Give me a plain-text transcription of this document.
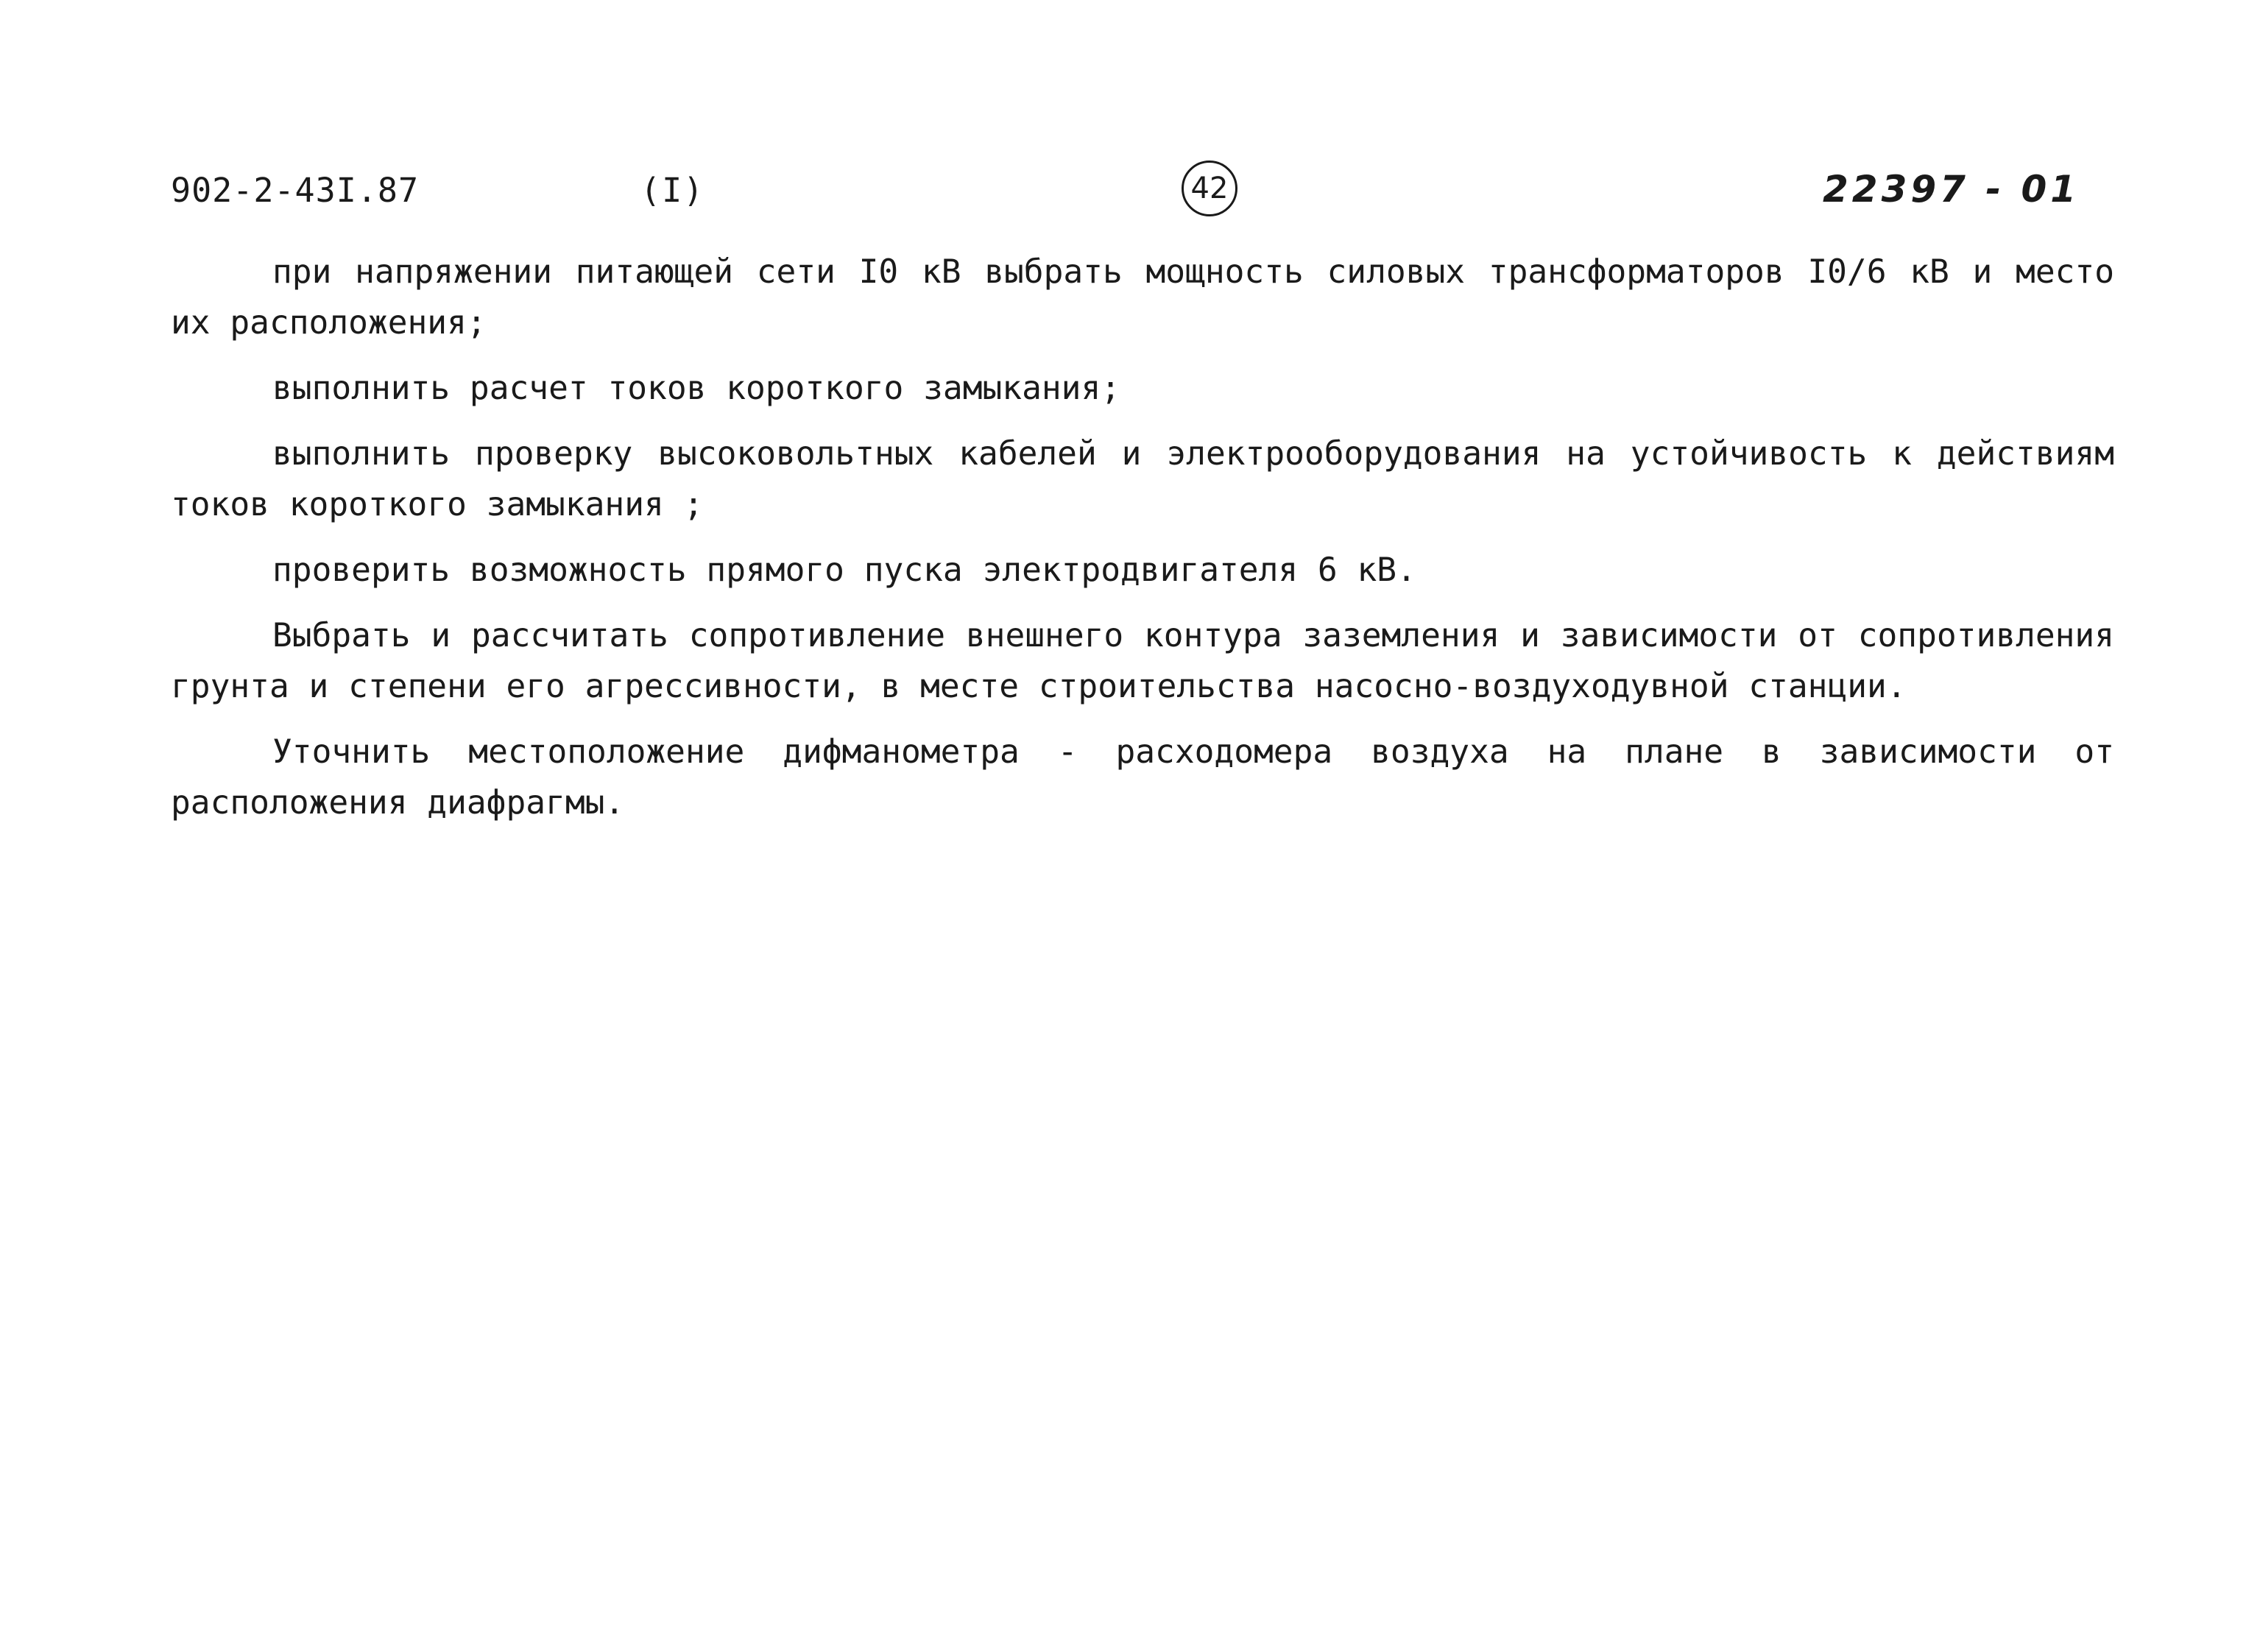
902-2-43I.87	(I)	42	22397 - 01

при напряжении питающей сети I0 кВ выбрать мощность силовых трансформаторов I0/6 кВ и место их расположения;

выполнить расчет токов короткого замыкания;

выполнить проверку высоковольтных кабелей и электрооборудования на устойчивость к действиям токов короткого замыкания ;

проверить возможность прямого пуска электродвигателя 6 кВ.

Выбрать и рассчитать сопротивление внешнего контура заземления и зависимости от сопротивления грунта и степени его агрессивности, в месте строительства насосно-воздуходувной станции.

Уточнить местоположение дифманометра - расходомера воздуха на плане в зависимости от расположения диафрагмы.
